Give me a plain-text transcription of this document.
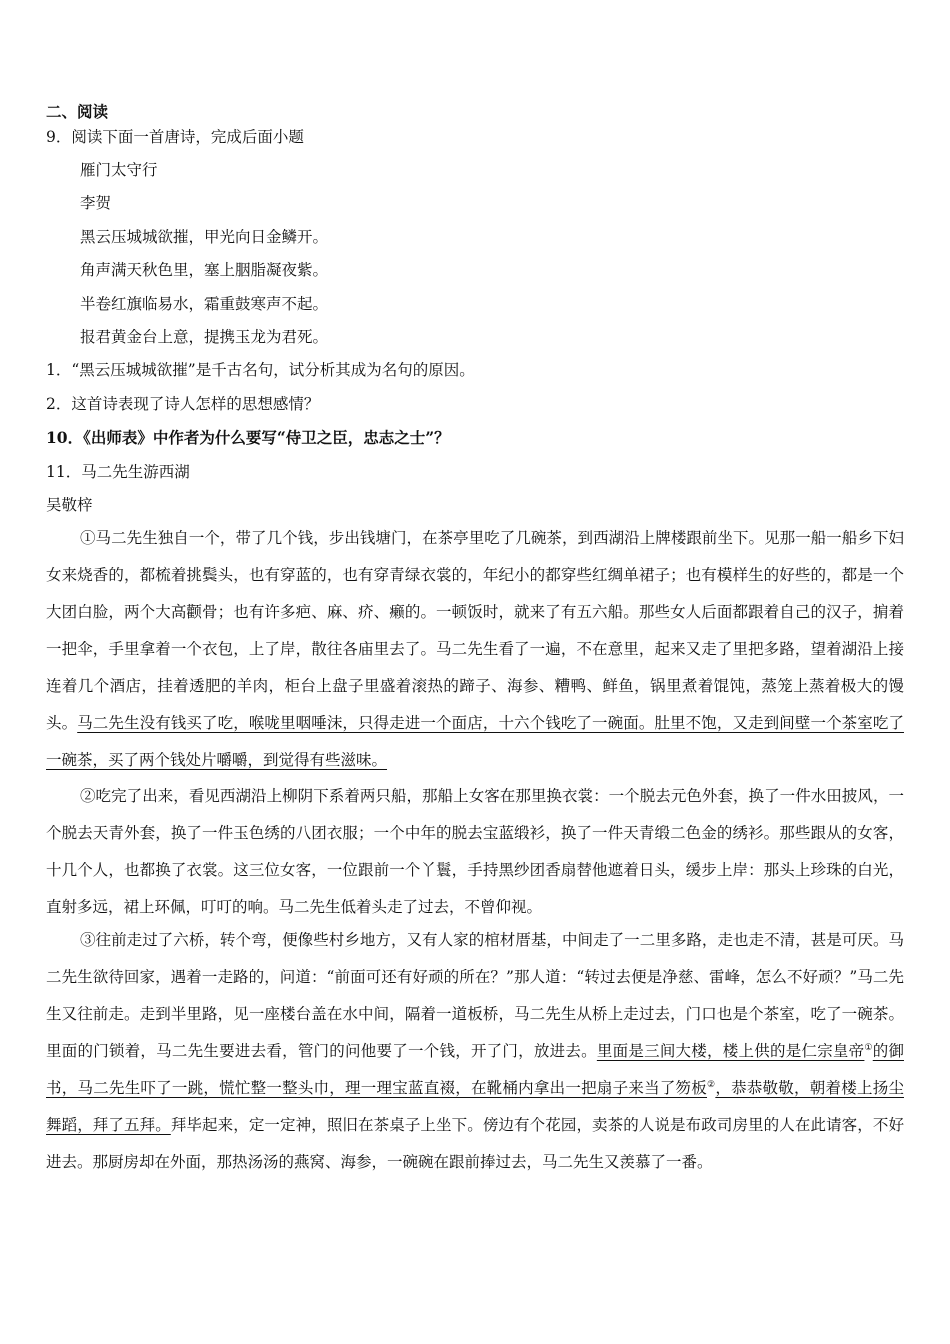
二、阅读
9．阅读下面一首唐诗，完成后面小题
雁门太守行
李贺
黑云压城城欲摧，甲光向日金鳞开。
角声满天秋色里，塞上胭脂凝夜紫。
半卷红旗临易水，霜重鼓寒声不起。
报君黄金台上意，提携玉龙为君死。
1．“黑云压城城欲摧”是千古名句，试分析其成为名句的原因。
2．这首诗表现了诗人怎样的思想感情？
10．《出师表》中作者为什么要写“侍卫之臣，忠志之士”？
11．马二先生游西湖
吴敬梓
①马二先生独自一个，带了几个钱，步出钱塘门，在茶亭里吃了几碗茶，到西湖沿上牌楼跟前坐下。见那一船一船乡下妇女来烧香的，都梳着挑鬓头，也有穿蓝的，也有穿青绿衣裳的，年纪小的都穿些红绸单裙子；也有模样生的好些的，都是一个大团白脸，两个大高颧骨；也有许多疤、麻、疥、癞的。一顿饭时，就来了有五六船。那些女人后面都跟着自己的汉子，掮着一把伞，手里拿着一个衣包，上了岸，散往各庙里去了。马二先生看了一遍，不在意里，起来又走了里把多路，望着湖沿上接连着几个酒店，挂着透肥的羊肉，柜台上盘子里盛着滚热的蹄子、海参、糟鸭、鲜鱼，锅里煮着馄饨，蒸笼上蒸着极大的馒头。马二先生没有钱买了吃，喉咙里咽唾沫，只得走进一个面店，十六个钱吃了一碗面。肚里不饱，又走到间壁一个茶室吃了一碗茶，买了两个钱处片嚼嚼，到觉得有些滋味。
②吃完了出来，看见西湖沿上柳阴下系着两只船，那船上女客在那里换衣裳：一个脱去元色外套，换了一件水田披风，一个脱去天青外套，换了一件玉色绣的八团衣服；一个中年的脱去宝蓝缎衫，换了一件天青缎二色金的绣衫。那些跟从的女客，十几个人，也都换了衣裳。这三位女客，一位跟前一个丫鬟，手持黑纱团香扇替他遮着日头，缓步上岸：那头上珍珠的白光，直射多远，裙上环佩，叮叮的响。马二先生低着头走了过去，不曾仰视。
③往前走过了六桥，转个弯，便像些村乡地方，又有人家的棺材厝基，中间走了一二里多路，走也走不清，甚是可厌。马二先生欲待回家，遇着一走路的，问道：“前面可还有好顽的所在？”那人道：“转过去便是净慈、雷峰，怎么不好顽？”马二先生又往前走。走到半里路，见一座楼台盖在水中间，隔着一道板桥，马二先生从桥上走过去，门口也是个茶室，吃了一碗茶。里面的门锁着，马二先生要进去看，管门的问他要了一个钱，开了门，放进去。里面是三间大楼，楼上供的是仁宗皇帝①的御书，马二先生吓了一跳，慌忙整一整头巾，理一理宝蓝直裰，在靴桶内拿出一把扇子来当了笏板②，恭恭敬敬，朝着楼上扬尘舞蹈，拜了五拜。拜毕起来，定一定神，照旧在茶桌子上坐下。傍边有个花园，卖茶的人说是布政司房里的人在此请客，不好进去。那厨房却在外面，那热汤汤的燕窝、海参，一碗碗在跟前捧过去，马二先生又羡慕了一番。
